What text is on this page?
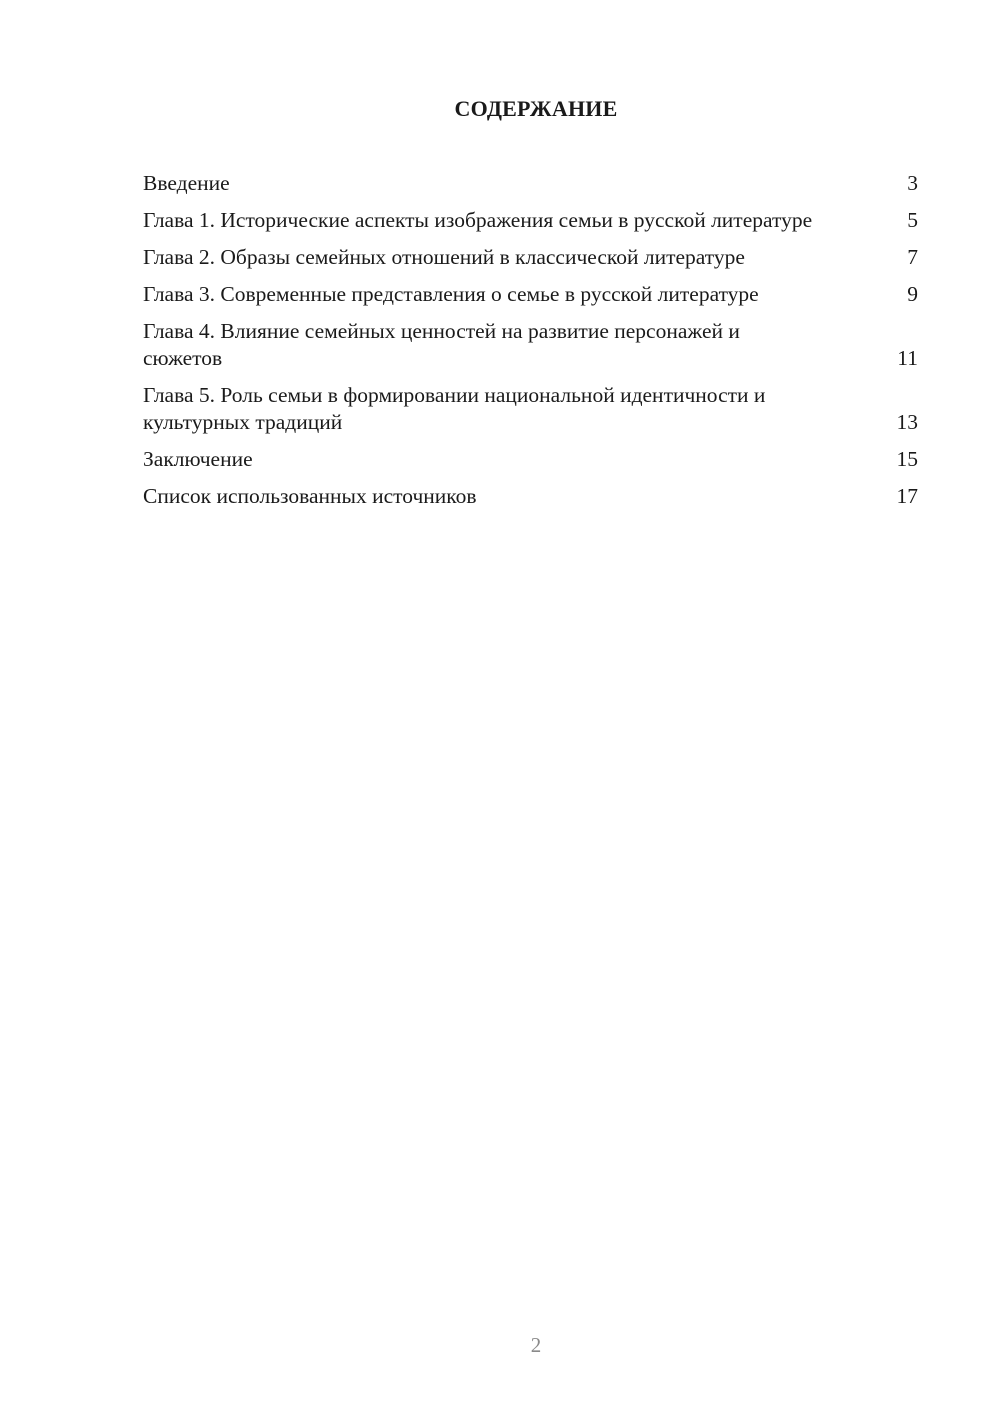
СОДЕРЖАНИЕ
Введение	3
Глава 1. Исторические аспекты изображения семьи в русской литературе	5
Глава 2. Образы семейных отношений в классической литературе	7
Глава 3. Современные представления о семье в русской литературе	9
Глава 4. Влияние семейных ценностей на развитие персонажей и сюжетов	11
Глава 5. Роль семьи в формировании национальной идентичности и культурных традиций	13
Заключение	15
Список использованных источников	17
2
